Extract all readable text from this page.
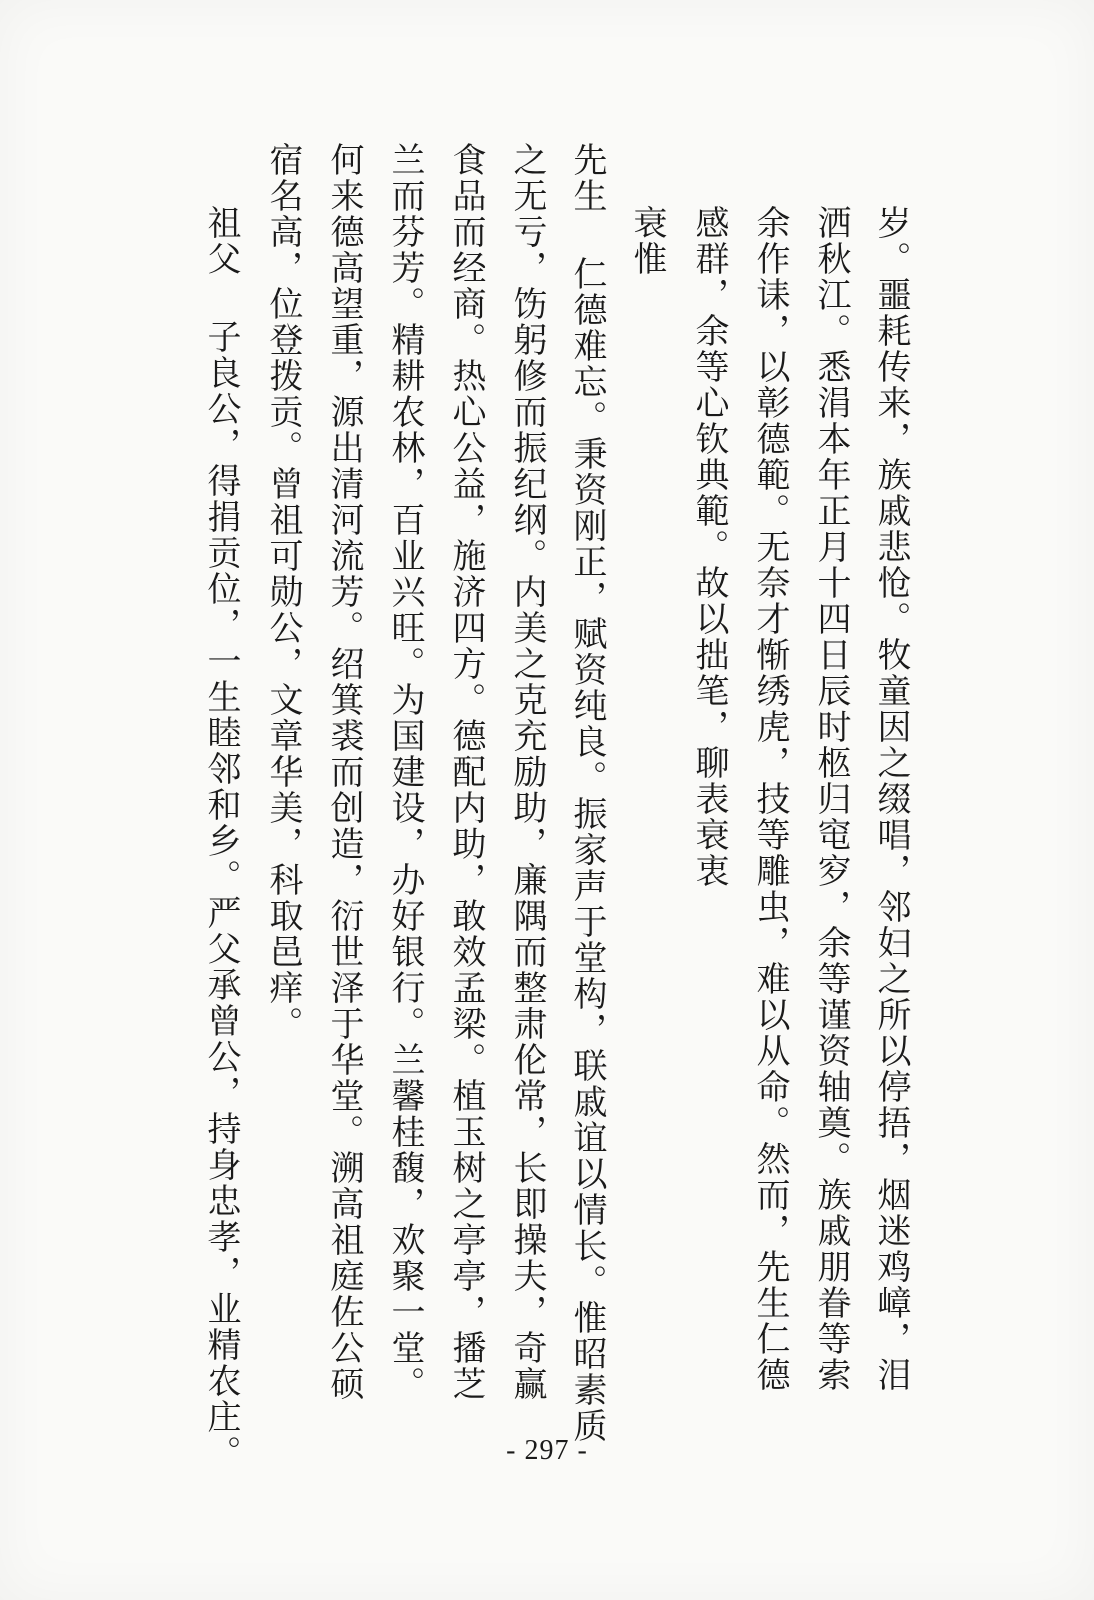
岁。噩耗传来，族戚悲怆。牧童因之缀唱，邻妇之所以停捂，烟迷鸡嶂，泪
洒秋江。悉涓本年正月十四日辰时柩归窀穸，余等谨资轴奠。族戚朋眷等索
余作诔，以彰德範。无奈才惭绣虎，技等雕虫，难以从命。然而，先生仁德
感群，余等心钦典範。故以拙笔，聊表衰衷
衰惟
先生 仁德难忘。秉资刚正，赋资纯良。振家声于堂构，联戚谊以情长。惟昭素质
之无亏，饬躬修而振纪纲。内美之克充励助，廉隅而整肃伦常，长即操夫，奇赢
食品而经商。热心公益，施济四方。德配内助，敢效孟梁。植玉树之亭亭，播芝
兰而芬芳。精耕农林，百业兴旺。为国建设，办好银行。兰馨桂馥，欢聚一堂。
何来德高望重，源出清河流芳。绍箕裘而创造，衍世泽于华堂。溯高祖庭佐公硕
宿名高，位登拨贡。曾祖可勋公，文章华美，科取邑痒。
祖父 子良公，得捐贡位，一生睦邻和乡。严父承曾公，持身忠孝，业精农庄。	- 297 -
